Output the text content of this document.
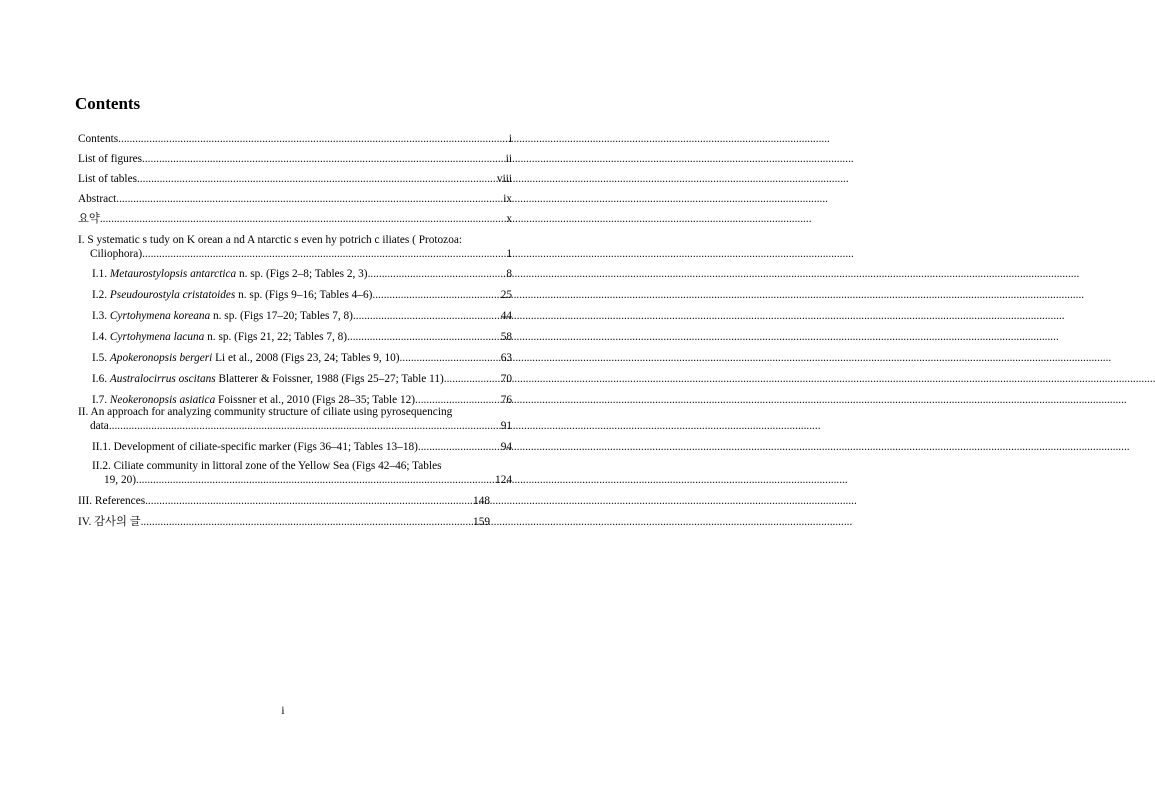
Contents
Contents .....	i
List of figures .....	ii
List of tables .....	viii
Abstract .....	ix
요약 .....	x
I. S ystematic s tudy on K orean a nd A ntarctic s even hy potrich c iliates ( Protozoa:
Ciliophora) .....	1
I.1. Metaurostylopsis antarctica n. sp. (Figs 2–8; Tables 2, 3) .....	8
I.2. Pseudourostyla cristatoides n. sp. (Figs 9–16; Tables 4–6) .....	25
I.3. Cyrtohymena koreana n. sp. (Figs 17–20; Tables 7, 8) .....	44
I.4. Cyrtohymena lacuna n. sp. (Figs 21, 22; Tables 7, 8) .....	58
I.5. Apokeronopsis bergeri Li et al., 2008 (Figs 23, 24; Tables 9, 10) .....	63
I.6. Australocirrus oscitans Blatterer & Foissner, 1988 (Figs 25–27; Table 11) .....	70
I.7. Neokeronopsis asiatica Foissner et al., 2010 (Figs 28–35; Table 12) .....	76
II. An approach for analyzing community structure of ciliate using pyrosequencing
data .....	91
II.1. Development of ciliate-specific marker (Figs 36–41; Tables 13–18) .....	94
II.2. Ciliate community in littoral zone of the Yellow Sea (Figs 42–46; Tables
19, 20) .....	124
III. References .....	148
IV. 감사의 글 .....	159
i
